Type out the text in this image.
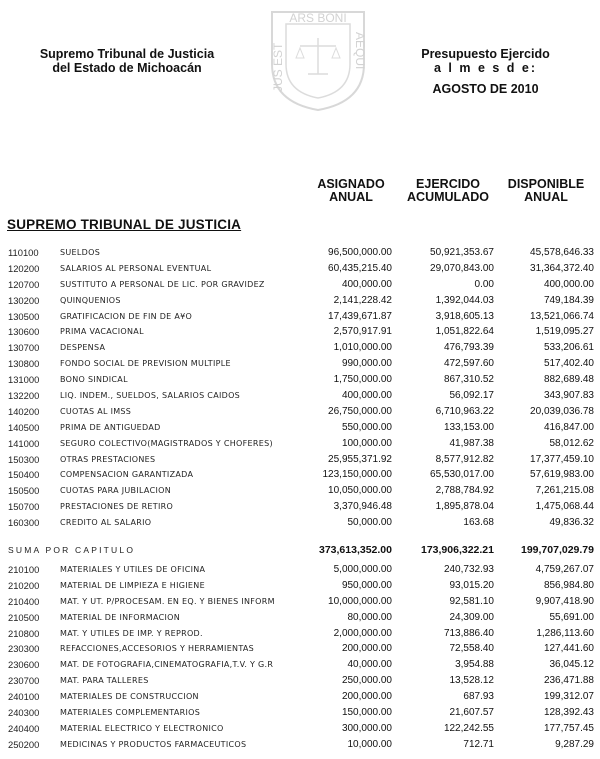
ARS BONI
JUS EST	AEQUI
Supremo Tribunal de Justicia
del Estado de Michoacán
Presupuesto Ejercido
a l m e s d e:
AGOSTO DE 2010
ASIGNADO
ANUAL
EJERCIDO
ACUMULADO
DISPONIBLE
ANUAL
SUPREMO TRIBUNAL DE JUSTICIA
110100	SUELDOS	96,500,000.00	50,921,353.67	45,578,646.33
120200	SALARIOS AL PERSONAL EVENTUAL	60,435,215.40	29,070,843.00	31,364,372.40
120700	SUSTITUTO A PERSONAL DE LIC. POR GRAVIDEZ	400,000.00	0.00	400,000.00
130200	QUINQUENIOS	2,141,228.42	1,392,044.03	749,184.39
130500	GRATIFICACION DE FIN DE A¥O	17,439,671.87	3,918,605.13	13,521,066.74
130600	PRIMA VACACIONAL	2,570,917.91	1,051,822.64	1,519,095.27
130700	DESPENSA	1,010,000.00	476,793.39	533,206.61
130800	FONDO SOCIAL DE PREVISION MULTIPLE	990,000.00	472,597.60	517,402.40
131000	BONO SINDICAL	1,750,000.00	867,310.52	882,689.48
132200	LIQ. INDEM., SUELDOS, SALARIOS CAIDOS	400,000.00	56,092.17	343,907.83
140200	CUOTAS AL IMSS	26,750,000.00	6,710,963.22	20,039,036.78
140500	PRIMA DE ANTIGUEDAD	550,000.00	133,153.00	416,847.00
141000	SEGURO COLECTIVO(MAGISTRADOS Y CHOFERES)	100,000.00	41,987.38	58,012.62
150300	OTRAS PRESTACIONES	25,955,371.92	8,577,912.82	17,377,459.10
150400	COMPENSACION GARANTIZADA	123,150,000.00	65,530,017.00	57,619,983.00
150500	CUOTAS PARA JUBILACION	10,050,000.00	2,788,784.92	7,261,215.08
150700	PRESTACIONES DE RETIRO	3,370,946.48	1,895,878.04	1,475,068.44
160300	CREDITO AL SALARIO	50,000.00	163.68	49,836.32
SUMA POR CAPITULO	373,613,352.00	173,906,322.21	199,707,029.79
210100	MATERIALES Y UTILES DE OFICINA	5,000,000.00	240,732.93	4,759,267.07
210200	MATERIAL DE LIMPIEZA E HIGIENE	950,000.00	93,015.20	856,984.80
210400	MAT. Y UT. P/PROCESAM. EN EQ. Y BIENES INFORM	10,000,000.00	92,581.10	9,907,418.90
210500	MATERIAL DE INFORMACION	80,000.00	24,309.00	55,691.00
210800	MAT. Y UTILES DE IMP. Y REPROD.	2,000,000.00	713,886.40	1,286,113.60
230300	REFACCIONES,ACCESORIOS Y HERRAMIENTAS	200,000.00	72,558.40	127,441.60
230600	MAT. DE FOTOGRAFIA,CINEMATOGRAFIA,T.V. Y G.R	40,000.00	3,954.88	36,045.12
230700	MAT. PARA TALLERES	250,000.00	13,528.12	236,471.88
240100	MATERIALES DE CONSTRUCCION	200,000.00	687.93	199,312.07
240300	MATERIALES COMPLEMENTARIOS	150,000.00	21,607.57	128,392.43
240400	MATERIAL ELECTRICO Y ELECTRONICO	300,000.00	122,242.55	177,757.45
250200	MEDICINAS Y PRODUCTOS FARMACEUTICOS	10,000.00	712.71	9,287.29
